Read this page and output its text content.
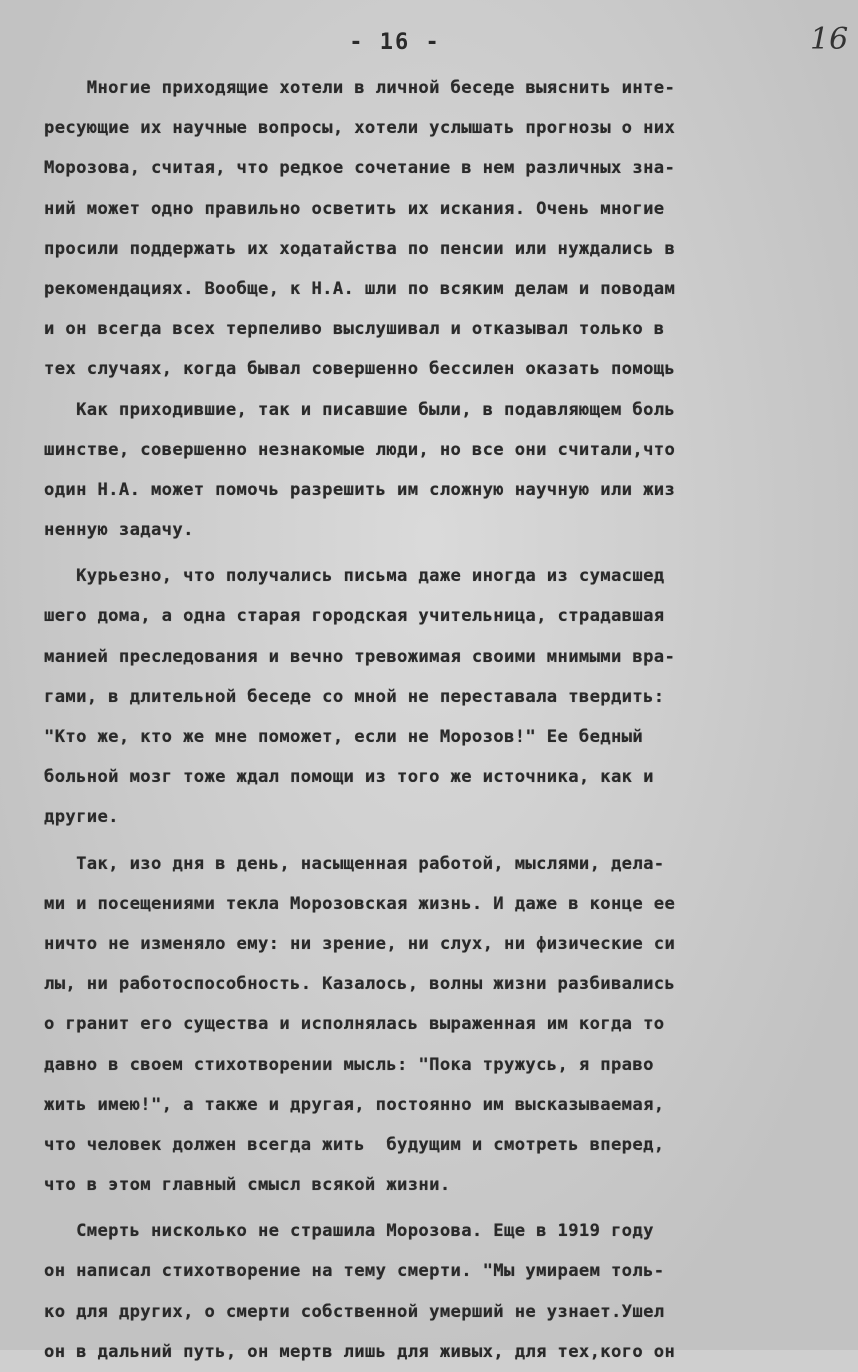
- 16 -	16
Многие приходящие хотели в личной беседе выяснить инте-
ресующие их научные вопросы, хотели услышать прогнозы о них
Морозова, считая, что редкое сочетание в нем различных зна-
ний может одно правильно осветить их искания. Очень многие
просили поддержать их ходатайства по пенсии или нуждались в
рекомендациях. Вообще, к Н.А. шли по всяким делам и поводам
и он всегда всех терпеливо выслушивал и отказывал только в
тех случаях, когда бывал совершенно бессилен оказать помощь
Как приходившие, так и писавшие были, в подавляющем боль
шинстве, совершенно незнакомые люди, но все они считали,что
один Н.А. может помочь разрешить им сложную научную или жиз
ненную задачу.
Курьезно, что получались письма даже иногда из сумасшед
шего дома, а одна старая городская учительница, страдавшая
манией преследования и вечно тревожимая своими мнимыми вра-
гами, в длительной беседе со мной не переставала твердить:
"Кто же, кто же мне поможет, если не Морозов!" Ее бедный
больной мозг тоже ждал помощи из того же источника, как и
другие.
Так, изо дня в день, насыщенная работой, мыслями, дела-
ми и посещениями текла Морозовская жизнь. И даже в конце ее
ничто не изменяло ему: ни зрение, ни слух, ни физические си
лы, ни работоспособность. Казалось, волны жизни разбивались
о гранит его существа и исполнялась выраженная им когда то
давно в своем стихотворении мысль: "Пока тружусь, я право
жить имею!", а также и другая, постоянно им высказываемая,
что человек должен всегда жить  будущим и смотреть вперед,
что в этом главный смысл всякой жизни.
Смерть нисколько не страшила Морозова. Еще в 1919 году
он написал стихотворение на тему смерти. "Мы умираем толь-
ко для других, о смерти собственной умерший не узнает.Ушел
он в дальний путь, он мертв лишь для живых, для тех,кого он
